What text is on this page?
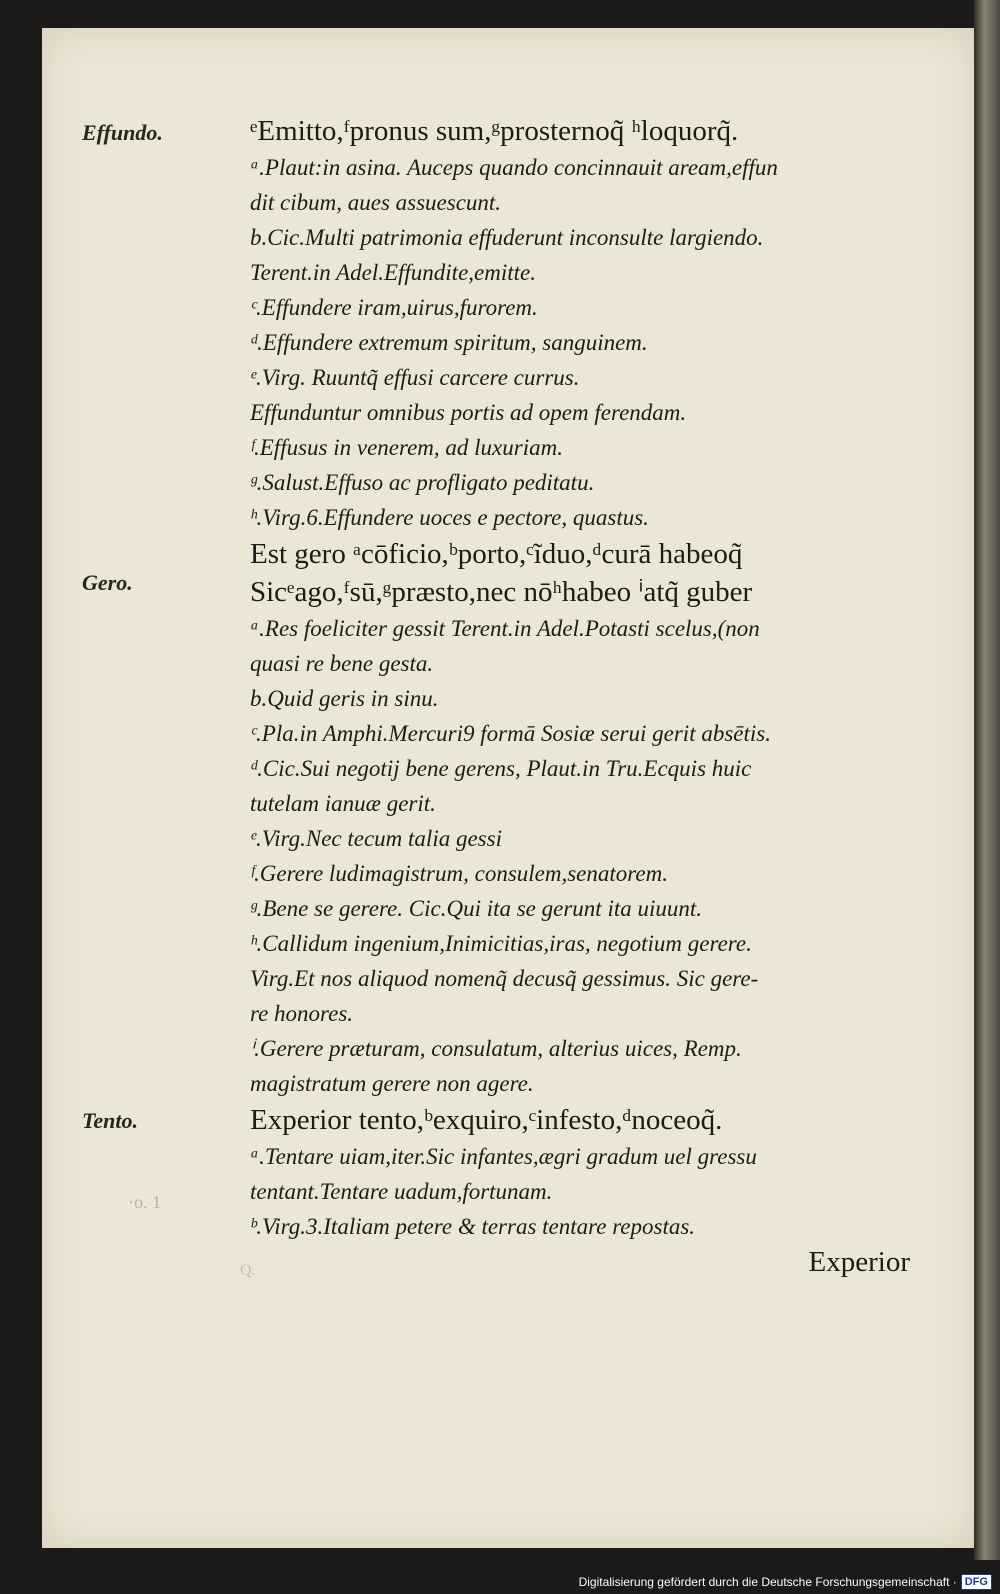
Effundo.
Gero.
Tento.
·o. 1
Q.
ᵉEmitto,ᶠpronus sum,ᵍprosternoq̃ ʰloquorq̃.
ᵃ.Plaut:in asina. Auceps quando concinnauit aream,effun
dit cibum, aues assuescunt.
b.Cic.Multi patrimonia effuderunt inconsulte largiendo.
Terent.in Adel.Effundite,emitte.
ᶜ.Effundere iram,uirus,furorem.
ᵈ.Effundere extremum spiritum, sanguinem.
ᵉ.Virg. Ruuntq̃ effusi carcere currus.
Effunduntur omnibus portis ad opem ferendam.
ᶠ.Effusus in venerem, ad luxuriam.
ᵍ.Salust.Effuso ac profligato peditatu.
ʰ.Virg.6.Effundere uoces e pectore, quastus.
Est gero ᵃcōficio,ᵇporto,ᶜĩduo,ᵈcurā habeoq̃
Sicᵉago,ᶠsū,ᵍpræsto,nec nōʰhabeo ⁱatq̃ guber
ᵃ.Res foeliciter gessit Terent.in Adel.Potasti scelus,(non
quasi re bene gesta.
b.Quid geris in sinu.
ᶜ.Pla.in Amphi.Mercuri9 formā Sosiæ serui gerit absētis.
ᵈ.Cic.Sui negotij bene gerens, Plaut.in Tru.Ecquis huic
tutelam ianuæ gerit.
ᵉ.Virg.Nec tecum talia gessi
ᶠ.Gerere ludimagistrum, consulem,senatorem.
ᵍ.Bene se gerere. Cic.Qui ita se gerunt ita uiuunt.
ʰ.Callidum ingenium,Inimicitias,iras, negotium gerere.
Virg.Et nos aliquod nomenq̃ decusq̃ gessimus. Sic gere-
re honores.
ⁱ.Gerere præturam, consulatum, alterius uices, Remp.
magistratum gerere non agere.
Experior tento,ᵇexquiro,ᶜinfesto,ᵈnoceoq̃.
ᵃ.Tentare uiam,iter.Sic infantes,ægri gradum uel gressu
tentant.Tentare uadum,fortunam.
ᵇ.Virg.3.Italiam petere & terras tentare repostas.
Experior
Digitalisierung gefördert durch die Deutsche Forschungsgemeinschaft · DFG
